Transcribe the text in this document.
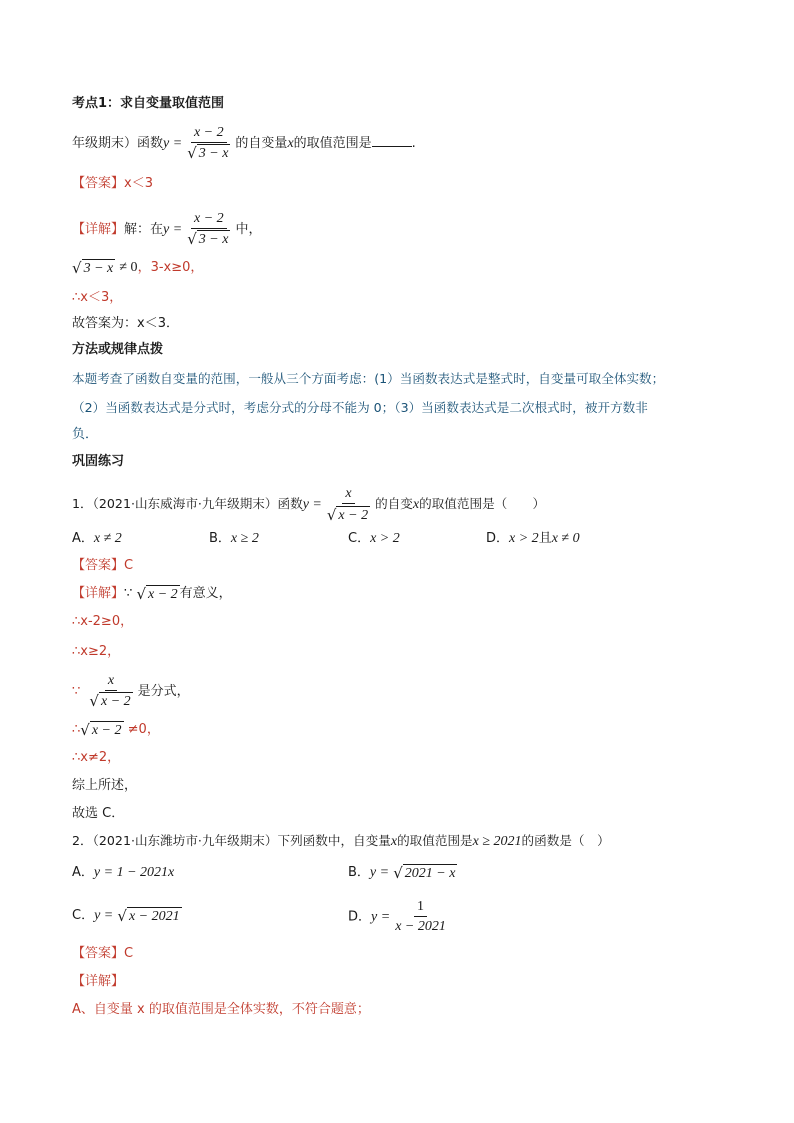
考点1：求自变量取值范围
年级期末）函数$y = \frac{x - 2}{√ 3 - x}$ 的自变量x的取值范围是	.
【答案】x＜3
【详解】解：在$y = \frac{x - 2}{√ 3 - x}$ 中，
√ 3 − x ≠ 0，3-x≥0，
∴x＜3，
故答案为：x＜3．
方法或规律点拨
本题考查了函数自变量的范围，一般从三个方面考虑：(1）当函数表达式是整式时，自变量可取全体实数；
（2）当函数表达式是分式时，考虑分式的分母不能为 0；（3）当函数表达式是二次根式时，被开方数非
负．
巩固练习
1．（2021·山东威海市·九年级期末）函数$y = \frac{x}{√ x - 2}$ 的自变x的取值范围是（　　）
A．x ≠ 2	B．x ≥ 2	C．x > 2	D．x > 2且x ≠ 0
【答案】C
【详解】∵ √ x − 2 有意义，
∴x-2≥0，
∴x≥2，
∵ $\frac{x}{√ x - 2}$ 是分式，
∴ √ x − 2 ≠0，
∴x≠2，
综上所述，
故选 C．
2．（2021·山东潍坊市·九年级期末）下列函数中，自变量x的取值范围是x ≥ 2021的函数是（　）
A．y = 1 − 2021x	B．y = √ 2021 − x
C．y = √ x − 2021	D．$y = \frac{1}{x - 2021}$
【答案】C
【详解】
A、自变量 x 的取值范围是全体实数，不符合题意；
